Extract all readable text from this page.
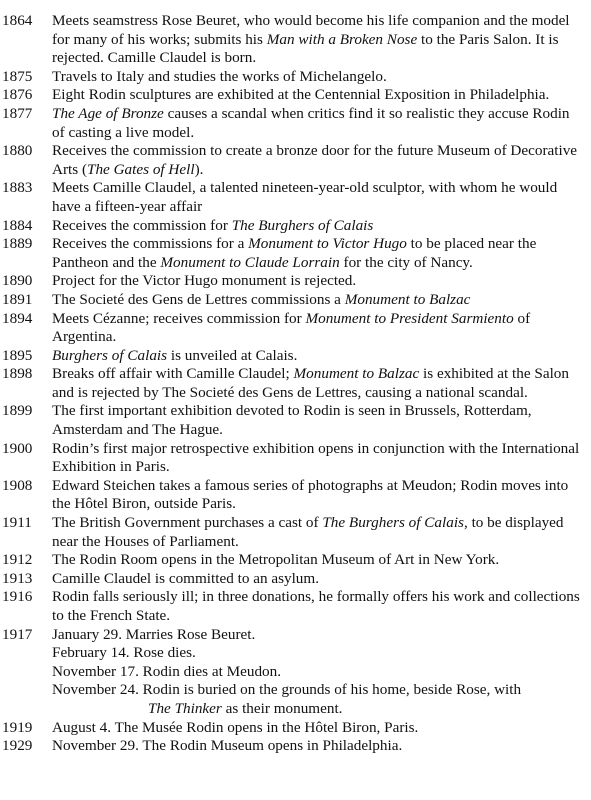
1864	Meets seamstress Rose Beuret, who would become his life companion and the model for many of his works; submits his Man with a Broken Nose to the Paris Salon. It is rejected. Camille Claudel is born.
1875	Travels to Italy and studies the works of Michelangelo.
1876	Eight Rodin sculptures are exhibited at the Centennial Exposition in Philadelphia.
1877	The Age of Bronze causes a scandal when critics find it so realistic they accuse Rodin of casting a live model.
1880	Receives the commission to create a bronze door for the future Museum of Decorative Arts (The Gates of Hell).
1883	Meets Camille Claudel, a talented nineteen-year-old sculptor, with whom he would have a fifteen-year affair
1884	Receives the commission for The Burghers of Calais
1889	Receives the commissions for a Monument to Victor Hugo to be placed near the Pantheon and the Monument to Claude Lorrain for the city of Nancy.
1890	Project for the Victor Hugo monument is rejected.
1891	The Societé des Gens de Lettres commissions a Monument to Balzac
1894	Meets Cézanne; receives commission for Monument to President Sarmiento of Argentina.
1895	Burghers of Calais is unveiled at Calais.
1898	Breaks off affair with Camille Claudel; Monument to Balzac is exhibited at the Salon and is rejected by The Societé des Gens de Lettres, causing a national scandal.
1899	The first important exhibition devoted to Rodin is seen in Brussels, Rotterdam, Amsterdam and The Hague.
1900	Rodin’s first major retrospective exhibition opens in conjunction with the International Exhibition in Paris.
1908	Edward Steichen takes a famous series of photographs at Meudon; Rodin moves into the Hôtel Biron, outside Paris.
1911	The British Government purchases a cast of The Burghers of Calais, to be displayed near the Houses of Parliament.
1912	The Rodin Room opens in the Metropolitan Museum of Art in New York.
1913	Camille Claudel is committed to an asylum.
1916	Rodin falls seriously ill; in three donations, he formally offers his work and collections to the French State.
1917	January 29. Marries Rose Beuret.
February 14. Rose dies.
November 17. Rodin dies at Meudon.
November 24. Rodin is buried on the grounds of his home, beside Rose, with
The Thinker as their monument.
1919	August 4. The Musée Rodin opens in the Hôtel Biron, Paris.
1929	November 29. The Rodin Museum opens in Philadelphia.
